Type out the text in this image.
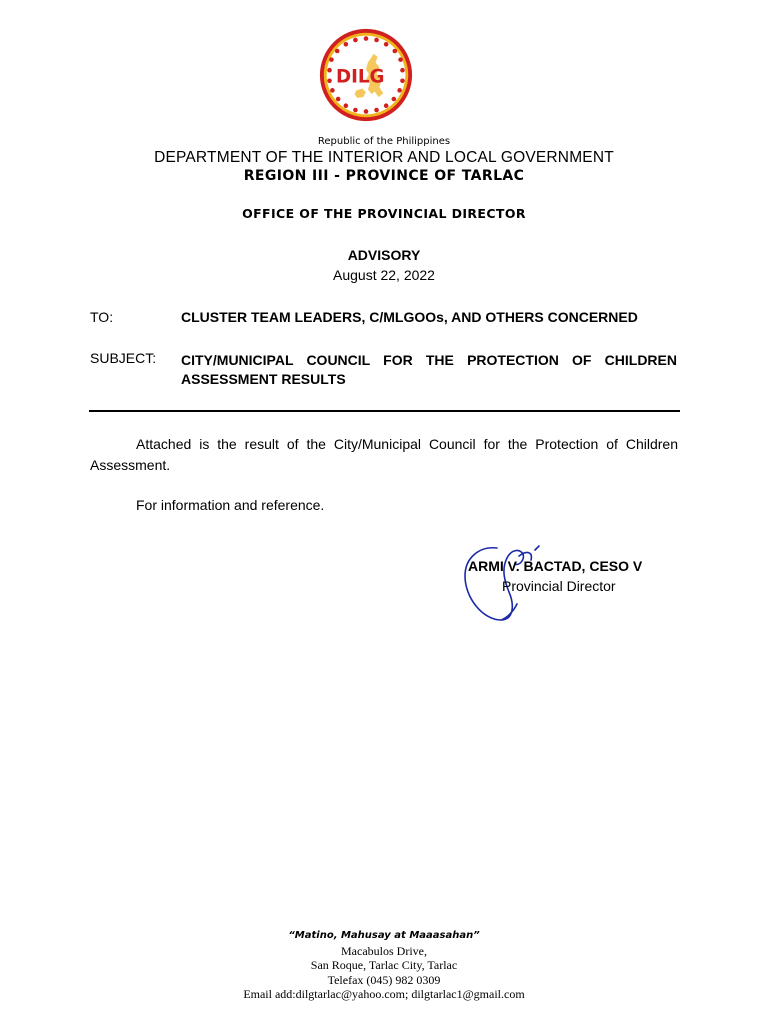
DILG
Republic of the Philippines
DEPARTMENT OF THE INTERIOR AND LOCAL GOVERNMENT
REGION III - PROVINCE OF TARLAC
OFFICE OF THE PROVINCIAL DIRECTOR
ADVISORY
August 22, 2022
TO:	CLUSTER TEAM LEADERS, C/MLGOOs, AND OTHERS CONCERNED
SUBJECT: CITY/MUNICIPAL COUNCIL FOR THE PROTECTION OF CHILDREN
ASSESSMENT RESULTS
Attached is the result of the City/Municipal Council for the Protection of Children Assessment.
For information and reference.
ARMI V. BACTAD, CESO V
Provincial Director
“Matino, Mahusay at Maaasahan”
Macabulos Drive,
San Roque, Tarlac City, Tarlac
Telefax (045) 982 0309
Email add:dilgtarlac@yahoo.com; dilgtarlac1@gmail.com
